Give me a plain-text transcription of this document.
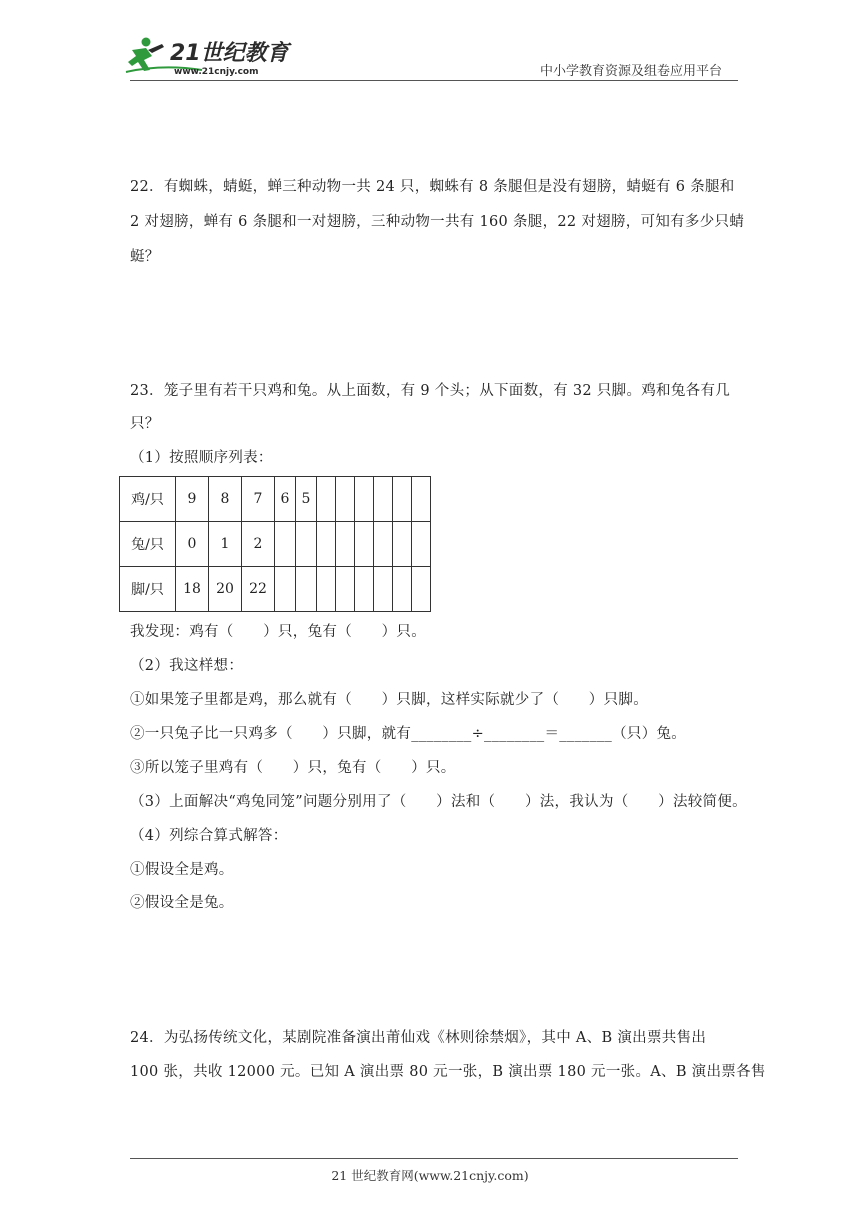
21世纪教育
www.21cnjy.com	中小学教育资源及组卷应用平台
22．有蜘蛛，蜻蜓，蝉三种动物一共 24 只，蜘蛛有 8 条腿但是没有翅膀，蜻蜓有 6 条腿和
2 对翅膀，蝉有 6 条腿和一对翅膀，三种动物一共有 160 条腿，22 对翅膀，可知有多少只蜻
蜓？
23．笼子里有若干只鸡和兔。从上面数，有 9 个头；从下面数，有 32 只脚。鸡和兔各有几
只？
（1）按照顺序列表：
鸡/只	9	8	7	6	5						
兔/只	0	1	2								
脚/只	18	20	22								
我发现：鸡有（　　）只，兔有（　　）只。
（2）我这样想：
①如果笼子里都是鸡，那么就有（　　）只脚，这样实际就少了（　　）只脚。
②一只兔子比一只鸡多（　　）只脚，就有________÷________＝_______（只）兔。
③所以笼子里鸡有（　　）只，兔有（　　）只。
（3）上面解决“鸡兔同笼”问题分别用了（　　）法和（　　）法，我认为（　　）法较简便。
（4）列综合算式解答：
①假设全是鸡。
②假设全是兔。
24．为弘扬传统文化，某剧院准备演出莆仙戏《林则徐禁烟》，其中 A、B 演出票共售出
100 张，共收 12000 元。已知 A 演出票 80 元一张，B 演出票 180 元一张。A、B 演出票各售
21 世纪教育网(www.21cnjy.com)
